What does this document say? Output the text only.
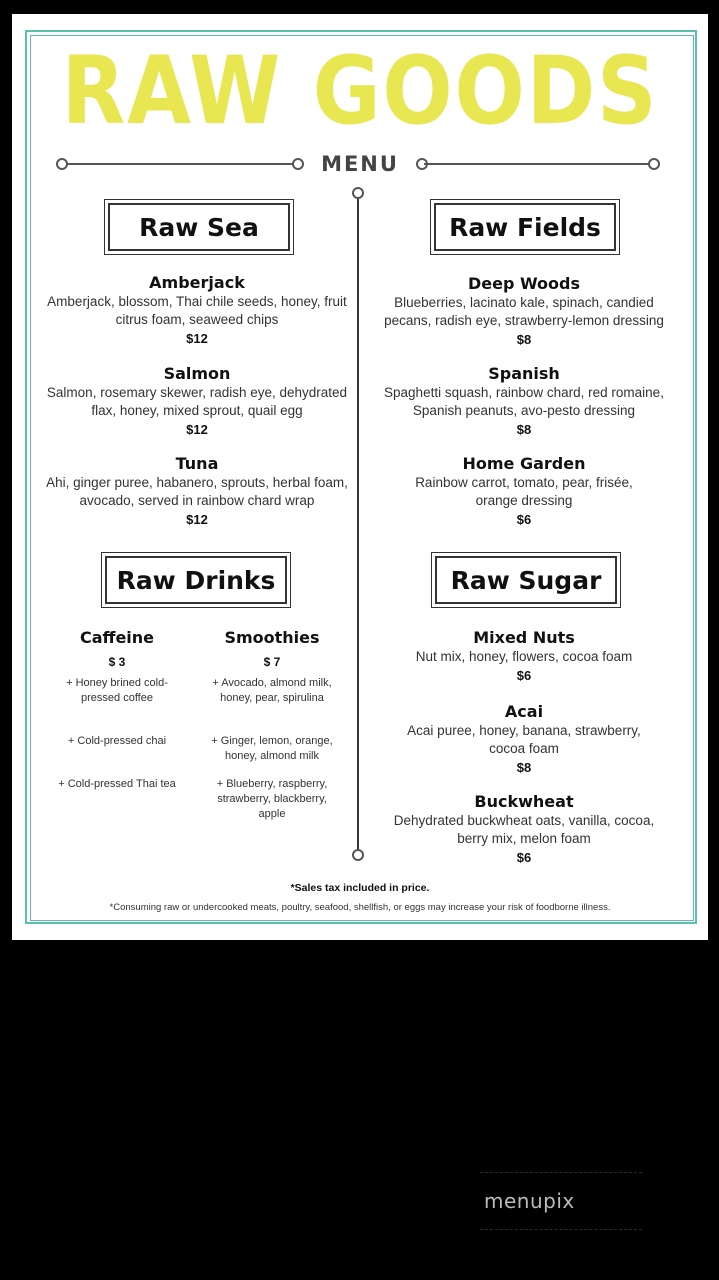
RAW GOODS
MENU
Raw Sea
Amberjack
Amberjack, blossom, Thai chile seeds, honey, fruit citrus foam, seaweed chips
$12
Salmon
Salmon, rosemary skewer, radish eye, dehydrated flax, honey, mixed sprout, quail egg
$12
Tuna
Ahi, ginger puree, habanero, sprouts, herbal foam, avocado, served in rainbow chard wrap
$12
Raw Fields
Deep Woods
Blueberries, lacinato kale, spinach, candied pecans, radish eye, strawberry-lemon dressing
$8
Spanish
Spaghetti squash, rainbow chard, red romaine, Spanish peanuts, avo-pesto dressing
$8
Home Garden
Rainbow carrot, tomato, pear, frisée, orange dressing
$6
Raw Drinks
Caffeine
$ 3
+ Honey brined cold-pressed coffee
+ Cold-pressed chai
+ Cold-pressed Thai tea
Smoothies
$ 7
+ Avocado, almond milk, honey, pear, spirulina
+ Ginger, lemon, orange, honey, almond milk
+ Blueberry, raspberry, strawberry, blackberry, apple
Raw Sugar
Mixed Nuts
Nut mix, honey, flowers, cocoa foam
$6
Acai
Acai puree, honey, banana, strawberry, cocoa foam
$8
Buckwheat
Dehydrated buckwheat oats, vanilla, cocoa, berry mix, melon foam
$6
*Sales tax included in price.
*Consuming raw or undercooked meats, poultry, seafood, shellfish, or eggs may increase your risk of foodborne illness.
menupix
